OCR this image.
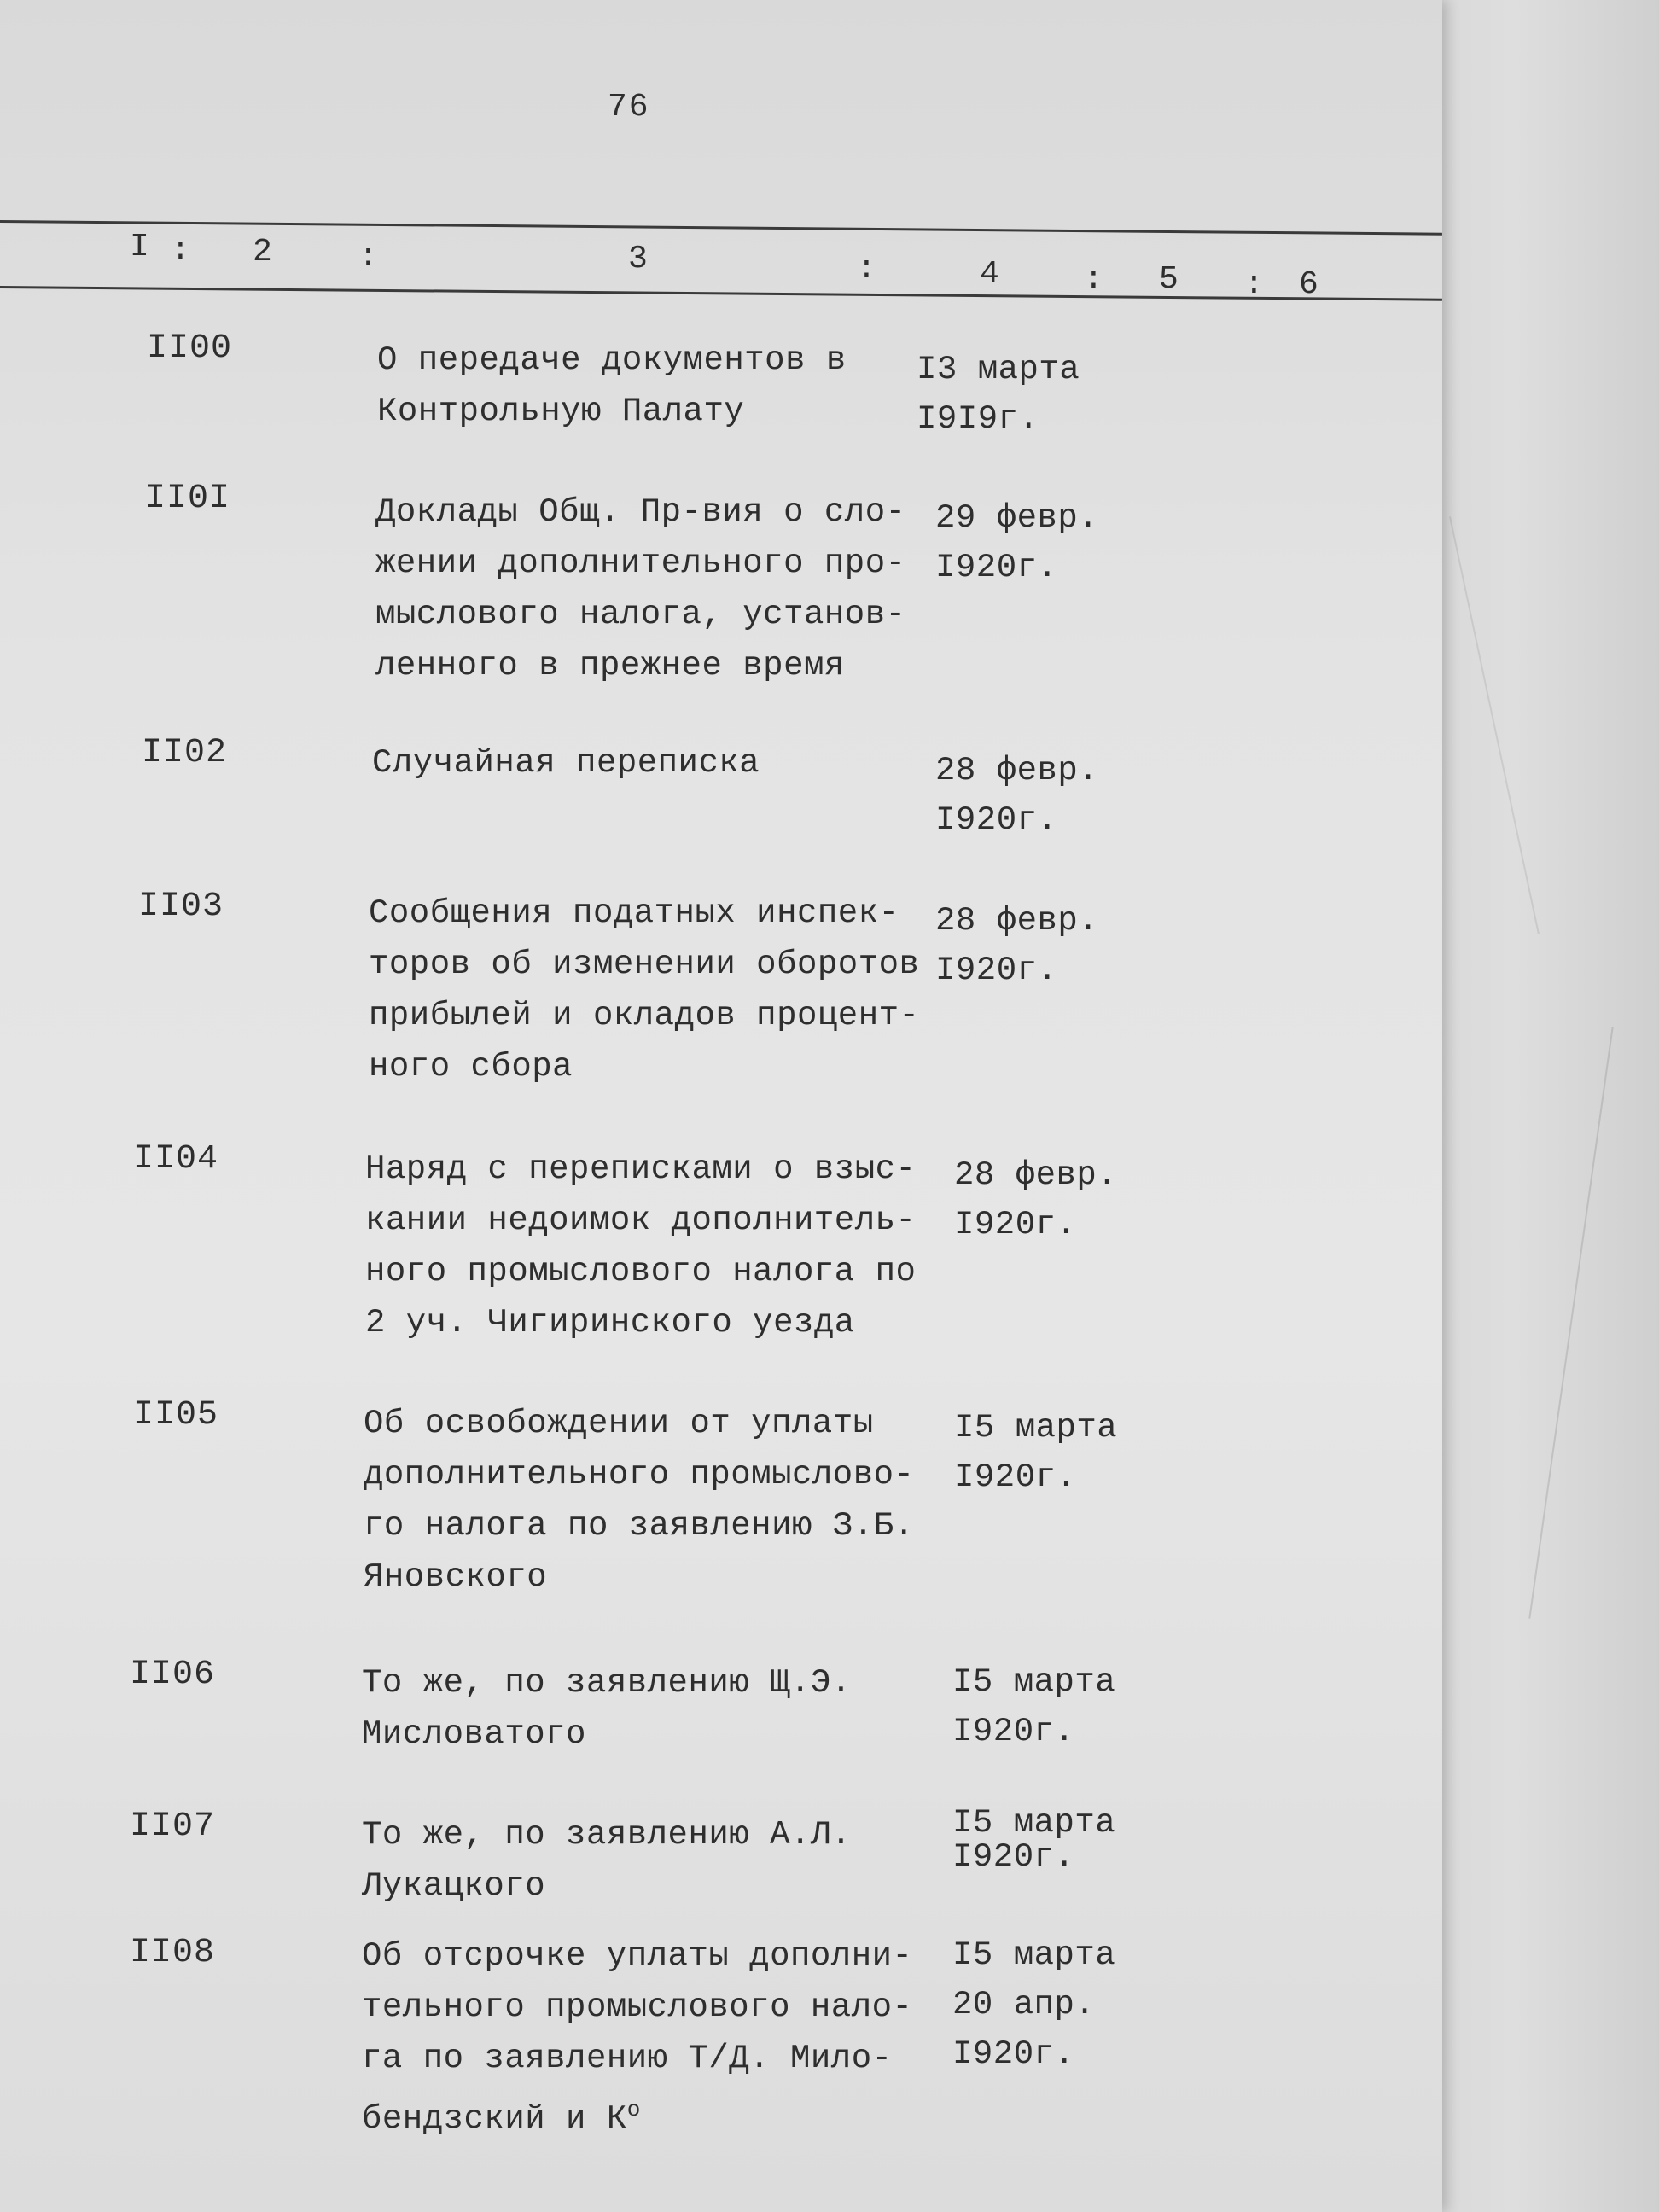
76
I : 2	:	3	:	4	: 5 : 6
II00	О передаче документов в
Контрольную Палату
I3 марта
I9I9г.
II0I	Доклады Общ. Пр-вия о сло-
жении дополнительного про-
мыслового налога, установ-
ленного в прежнее время
29 февр.
I920г.
II02	Случайная переписка	28 февр.
I920г.
II03	Сообщения податных инспек-
торов об изменении оборотов
прибылей и окладов процент-
ного сбора
28 февр.
I920г.
II04	Наряд с переписками о взыс-
кании недоимок дополнитель-
ного промыслового налога по
2 уч. Чигиринского уезда
28 февр.
I920г.
II05	Об освобождении от уплаты
дополнительного промыслово-
го налога по заявлению З.Б.
Яновского
I5 марта
I920г.
II06	То же, по заявлению Щ.Э.
Мисловатого
I5 марта
I920г.
II07	То же, по заявлению А.Л.
Лукацкого
I5 марта
I920г.
II08	Об отсрочке уплаты дополни-
тельного промыслового нало-
га по заявлению Т/Д. Мило-
бендзский и $К^о$
I5 марта
20 апр.
I920г.
